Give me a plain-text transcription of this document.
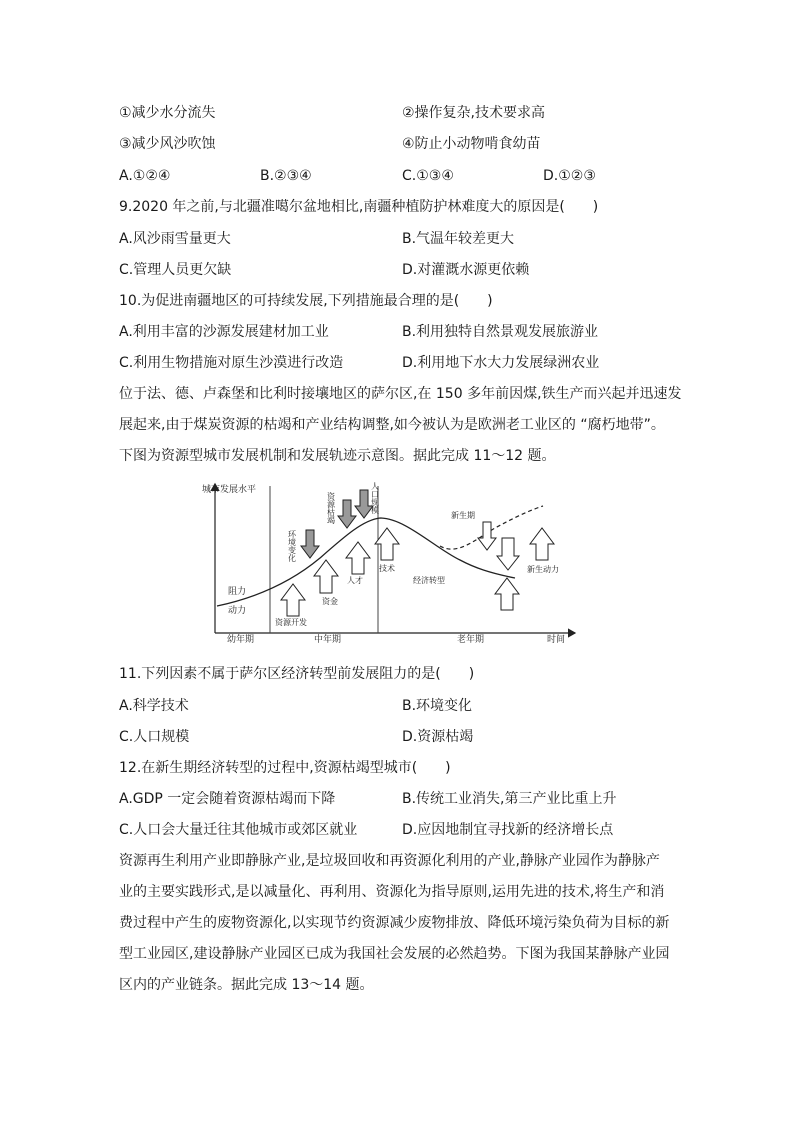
①减少水分流失	②操作复杂,技术要求高
③减少风沙吹蚀	④防止小动物啃食幼苗
A.①②④	B.②③④	C.①③④	D.①②③
9.2020 年之前,与北疆准噶尔盆地相比,南疆种植防护林难度大的原因是(　　)
A.风沙雨雪量更大	B.气温年较差更大
C.管理人员更欠缺	D.对灌溉水源更依赖
10.为促进南疆地区的可持续发展,下列措施最合理的是(　　)
A.利用丰富的沙源发展建材加工业	B.利用独特自然景观发展旅游业
C.利用生物措施对原生沙漠进行改造	D.利用地下水大力发展绿洲农业
位于法、德、卢森堡和比利时接壤地区的萨尔区,在 150 多年前因煤,铁生产而兴起并迅速发
展起来,由于煤炭资源的枯竭和产业结构调整,如今被认为是欧洲老工业区的 “腐朽地带”。
下图为资源型城市发展机制和发展轨迹示意图。据此完成 11～12 题。
城市发展水平
阻力
动力
资源开发
资金
人才
技术
经济转型
新生期
新生动力
环境变化
资源枯竭	人口规模
幼年期	中年期	老年期	时间
11.下列因素不属于萨尔区经济转型前发展阻力的是(　　)
A.科学技术	B.环境变化
C.人口规模	D.资源枯竭
12.在新生期经济转型的过程中,资源枯竭型城市(　　)
A.GDP 一定会随着资源枯竭而下降	B.传统工业消失,第三产业比重上升
C.人口会大量迁往其他城市或郊区就业	D.应因地制宜寻找新的经济增长点
资源再生利用产业即静脉产业,是垃圾回收和再资源化利用的产业,静脉产业园作为静脉产
业的主要实践形式,是以减量化、再利用、资源化为指导原则,运用先进的技术,将生产和消
费过程中产生的废物资源化,以实现节约资源减少废物排放、降低环境污染负荷为目标的新
型工业园区,建设静脉产业园区已成为我国社会发展的必然趋势。下图为我国某静脉产业园
区内的产业链条。据此完成 13～14 题。
